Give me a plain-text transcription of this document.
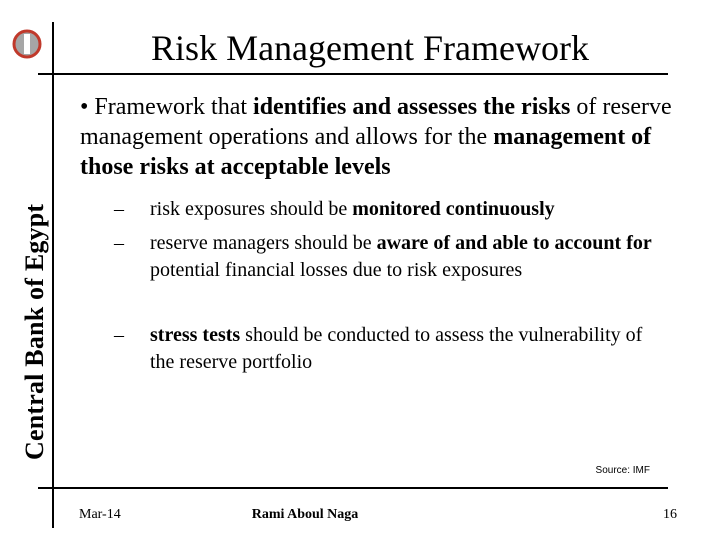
Central Bank of Egypt
Risk Management Framework
• Framework that identifies and assesses the risks of reserve management operations and allows for the management of those risks at acceptable levels
– risk exposures should be monitored continuously
– reserve managers should be aware of and able to account for potential financial losses due to risk exposures
– stress tests should be conducted to assess the vulnerability of the reserve portfolio
Source: IMF
Mar-14	Rami Aboul Naga	16
